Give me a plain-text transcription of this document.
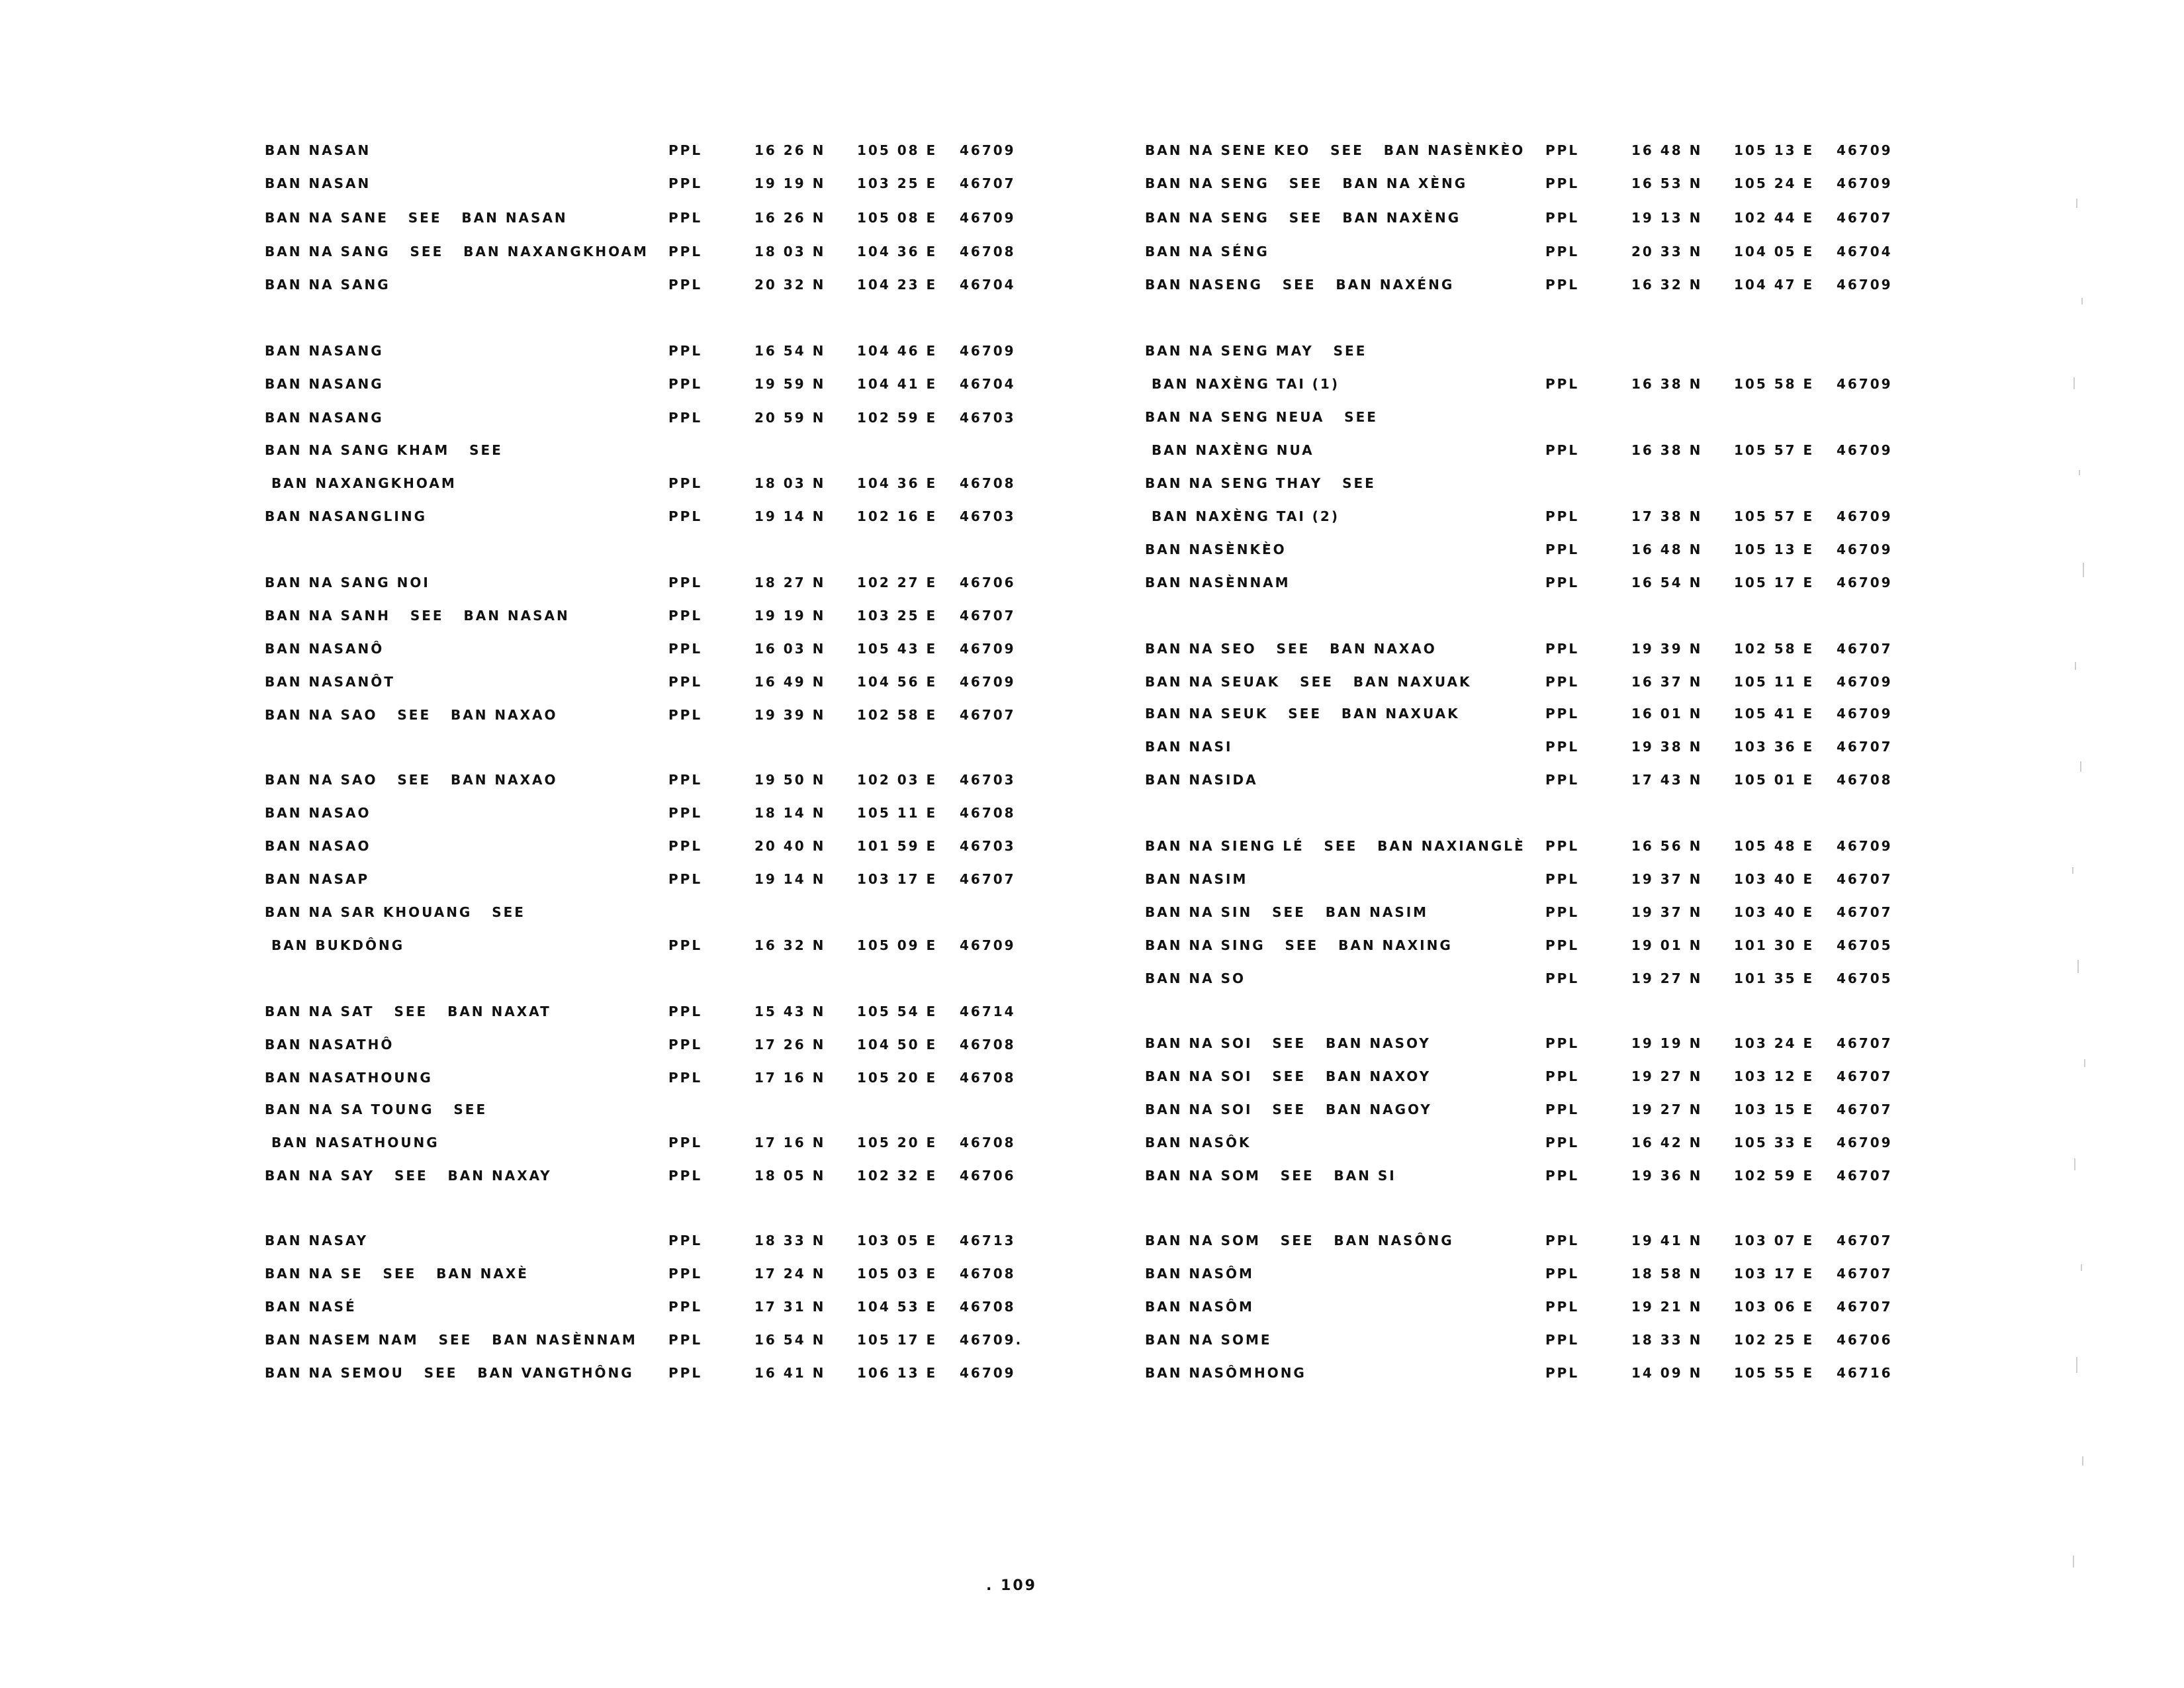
BAN NASAN	PPL	16 26 N 105 08 E 46709
BAN NASAN	PPL	19 19 N 103 25 E 46707
BAN NA SANE   SEE   BAN NASAN	PPL	16 26 N 105 08 E 46709
BAN NA SANG   SEE   BAN NAXANGKHOAM PPL	18 03 N 104 36 E 46708
BAN NA SANG	PPL	20 32 N 104 23 E 46704
BAN NASANG	PPL	16 54 N 104 46 E 46709
BAN NASANG	PPL	19 59 N 104 41 E 46704
BAN NASANG	PPL	20 59 N 102 59 E 46703
BAN NA SANG KHAM   SEE
BAN NAXANGKHOAM	PPL	18 03 N 104 36 E 46708
BAN NASANGLING	PPL	19 14 N 102 16 E 46703
BAN NA SANG NOI	PPL	18 27 N 102 27 E 46706
BAN NA SANH   SEE   BAN NASAN	PPL	19 19 N 103 25 E 46707
BAN NASANÔ	PPL	16 03 N 105 43 E 46709
BAN NASANÔT	PPL	16 49 N 104 56 E 46709
BAN NA SAO   SEE   BAN NAXAO	PPL	19 39 N 102 58 E 46707
BAN NA SAO   SEE   BAN NAXAO	PPL	19 50 N 102 03 E 46703
BAN NASAO	PPL	18 14 N 105 11 E 46708
BAN NASAO	PPL	20 40 N 101 59 E 46703
BAN NASAP	PPL	19 14 N 103 17 E 46707
BAN NA SAR KHOUANG   SEE
BAN BUKDÔNG	PPL	16 32 N 105 09 E 46709
BAN NA SAT   SEE   BAN NAXAT	PPL	15 43 N 105 54 E 46714
BAN NASATHÔ	PPL	17 26 N 104 50 E 46708
BAN NASATHOUNG	PPL	17 16 N 105 20 E 46708
BAN NA SA TOUNG   SEE
BAN NASATHOUNG	PPL	17 16 N 105 20 E 46708
BAN NA SAY   SEE   BAN NAXAY	PPL	18 05 N 102 32 E 46706
BAN NASAY	PPL	18 33 N 103 05 E 46713
BAN NA SE   SEE   BAN NAXÈ	PPL	17 24 N 105 03 E 46708
BAN NASÉ	PPL	17 31 N 104 53 E 46708
BAN NASEM NAM   SEE   BAN NASÈNNAM PPL	16 54 N 105 17 E 46709.
BAN NA SEMOU   SEE   BAN VANGTHÔNG	PPL	16 41 N 106 13 E 46709
BAN NA SENE KEO   SEE   BAN NASÈNKÈO PPL	16 48 N 105 13 E 46709
BAN NA SENG   SEE   BAN NA XÈNG	PPL	16 53 N 105 24 E 46709
BAN NA SENG   SEE   BAN NAXÈNG	PPL	19 13 N 102 44 E 46707
BAN NA SÉNG	PPL	20 33 N 104 05 E 46704
BAN NASENG   SEE   BAN NAXÉNG	PPL	16 32 N 104 47 E 46709
BAN NA SENG MAY   SEE
BAN NAXÈNG TAI (1)	PPL	16 38 N 105 58 E 46709
BAN NA SENG NEUA   SEE
BAN NAXÈNG NUA	PPL	16 38 N 105 57 E 46709
BAN NA SENG THAY   SEE
BAN NAXÈNG TAI (2)	PPL	17 38 N 105 57 E 46709
BAN NASÈNKÈO	PPL	16 48 N 105 13 E 46709
BAN NASÈNNAM	PPL	16 54 N 105 17 E 46709
BAN NA SEO   SEE   BAN NAXAO	PPL	19 39 N 102 58 E 46707
BAN NA SEUAK   SEE   BAN NAXUAK	PPL	16 37 N 105 11 E 46709
BAN NA SEUK   SEE   BAN NAXUAK	PPL	16 01 N 105 41 E 46709
BAN NASI	PPL	19 38 N 103 36 E 46707
BAN NASIDA	PPL	17 43 N 105 01 E 46708
BAN NA SIENG LÉ   SEE   BAN NAXIANGLÈ PPL	16 56 N 105 48 E 46709
BAN NASIM	PPL	19 37 N 103 40 E 46707
BAN NA SIN   SEE   BAN NASIM	PPL	19 37 N 103 40 E 46707
BAN NA SING   SEE   BAN NAXING	PPL	19 01 N 101 30 E 46705
BAN NA SO	PPL	19 27 N 101 35 E 46705
BAN NA SOI   SEE   BAN NASOY	PPL	19 19 N 103 24 E 46707
BAN NA SOI   SEE   BAN NAXOY	PPL	19 27 N 103 12 E 46707
BAN NA SOI   SEE   BAN NAGOY	PPL	19 27 N 103 15 E 46707
BAN NASÔK	PPL	16 42 N 105 33 E 46709
BAN NA SOM   SEE   BAN SI	PPL	19 36 N 102 59 E 46707
BAN NA SOM   SEE   BAN NASÔNG	PPL	19 41 N 103 07 E 46707
BAN NASÔM	PPL	18 58 N 103 17 E 46707
BAN NASÔM	PPL	19 21 N 103 06 E 46707
BAN NA SOME	PPL	18 33 N 102 25 E 46706
BAN NASÔMHONG	PPL	14 09 N 105 55 E 46716
. 109
